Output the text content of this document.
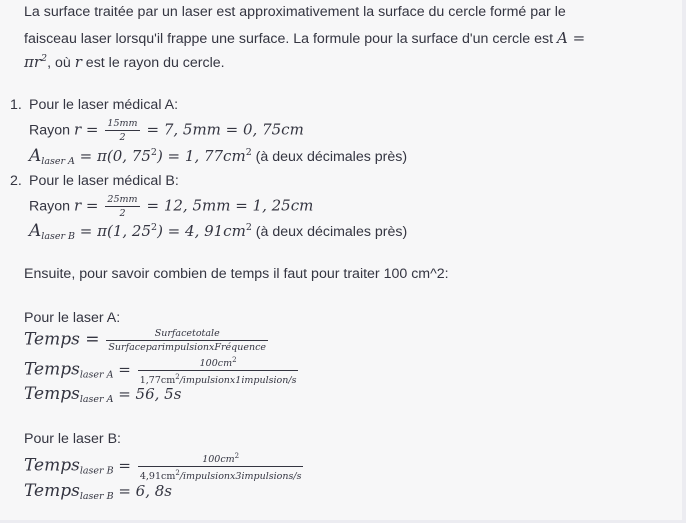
La surface traitée par un laser est approximativement la surface du cercle formé par le
faisceau laser lorsqu'il frappe une surface. La formule pour la surface d'un cercle est A =
$\pi r^2$, où r est le rayon du cercle.
1. Pour le laser médical A:
Rayon $r = \frac{15mm}{2} = 7$, 5mm = 0, 75cm
$A_{laser A} = \pi(0$, $75^2) = 1$, $77cm^2$ (à deux décimales près)
2. Pour le laser médical B:
Rayon $r = \frac{25mm}{2} = 12$, 5mm = 1, 25cm
$A_{laser B} = \pi(1$, $25^2) = 4$, $91cm^2$ (à deux décimales près)
Ensuite, pour savoir combien de temps il faut pour traiter 100 cm^2:
Pour le laser A:
Temps = $\frac{\text{Surfacetotale}}{\text{SurfaceparimpulsionxFréquence}}$
Temps$_{laser A}$ = $\frac{100cm^2}{1,77cm^2/impulsionx1impulsion/s}$
Temps$_{laser A}$ = 56, 5s
Pour le laser B:
Temps$_{laser B}$ = $\frac{100cm^2}{4,91cm^2/impulsionx3impulsions/s}$
Temps$_{laser B}$ = 6, 8s
